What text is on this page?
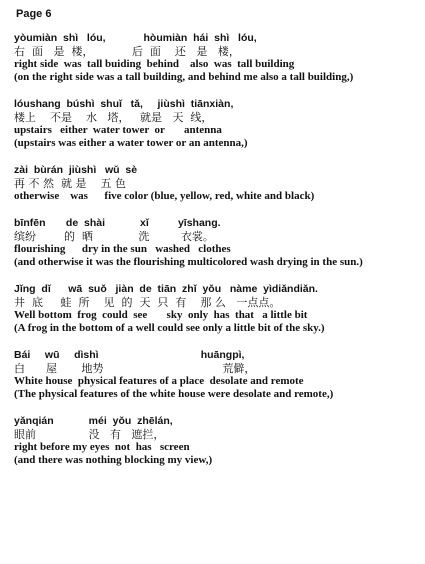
Page 6
yòumiàn  shì   lóu,             hòumiàn  hái  shì   lóu,
右  面   是  楼，           后  面    还   是   楼，
right side  was  tall buiding  behind    also  was  tall building
(on the right side was a tall building, and behind me also a tall building,)
lóushang  búshì  shuǐ   tǎ,     jiùshì  tiānxiàn,
楼上    不是    水   塔，   就是   天  线，
upstairs   either  water tower  or       antenna
(upstairs was either a water tower or an antenna,)
zài  bùrán  jiùshì   wǔ  sè
再 不 然  就 是    五 色
otherwise    was      five color (blue, yellow, red, white and black)
bīnfēn       de  shài            xǐ          yīshang.
缤纷        的  晒             洗         衣裳。
flourishing      dry in the sun   washed   clothes
(and otherwise it was the flourishing multicolored wash drying in the sun.)
Jǐng  dǐ      wā  suǒ   jiàn  de  tiān  zhǐ  yǒu   nàme  yìdiǎndiǎn.
井  底     蛙  所    见  的  天  只  有    那 么   一点点。
Well bottom  frog  could  see       sky  only  has  that   a little bit
(A frog in the bottom of a well could see only a little bit of the sky.)
Bái     wū     dìshì                                   huāngpì,
白      屋       地势                                  荒僻，
White house  physical features of a place  desolate and remote
(The physical features of the white house were desolate and remote,)
yǎnqián            méi  yǒu  zhēlán,
眼前               没   有   遮拦，
right before my eyes  not  has   screen
(and there was nothing blocking my view,)
